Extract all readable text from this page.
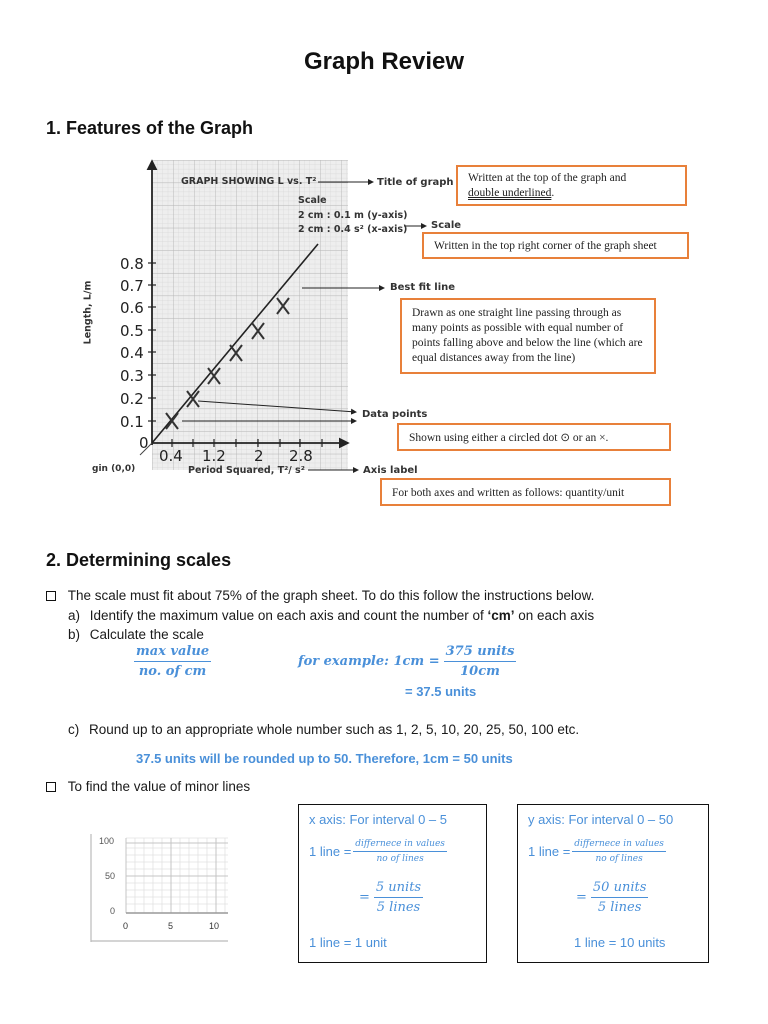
Graph Review
1. Features of the Graph
GRAPH SHOWING L vs. T²
Scale
2 cm : 0.1 m (y-axis)
2 cm : 0.4 s² (x-axis)
Length, L/m
0.8
0.7
0.6
0.5
0.4
0.3
0.2
0.1
0
0.4 1.2 2 2.8
gin (0,0)	Period Squared, T²/ s²
Title of graph
Scale
Best fit line
Data points
Axis label
Written at the top of the graph and
double underlined.
Written in the top right corner of the graph sheet
Drawn as one straight line passing through as many points as possible with equal number of points falling above and below the line (which are equal distances away from the line)
Shown using either a circled dot ⊙ or an ×.
For both axes and written as follows: quantity/unit
2. Determining scales
The scale must fit about 75% of the graph sheet. To do this follow the instructions below.
a) Identify the maximum value on each axis and count the number of ‘cm’ on each axis
b) Calculate the scale
$\frac{\text{max value}}{\text{no. of cm}}$	for example: $1cm = \frac{\text{375 units}}{10cm}$
= 37.5 units
c) Round up to an appropriate whole number such as 1, 2, 5, 10, 20, 25, 50, 100 etc.
37.5 units will be rounded up to 50. Therefore, 1cm = 50 units
To find the value of minor lines
100
50
0
0	5	10
x axis: For interval 0 – 5
1 line = $\frac{\text{differnece in values}}{\text{no of lines}}$
= $\frac{\text{5 units}}{\text{5 lines}}$
1 line = 1 unit
y axis: For interval 0 – 50
1 line = $\frac{\text{differnece in values}}{\text{no of lines}}$
= $\frac{\text{50 units}}{\text{5 lines}}$
1 line = 10 units
